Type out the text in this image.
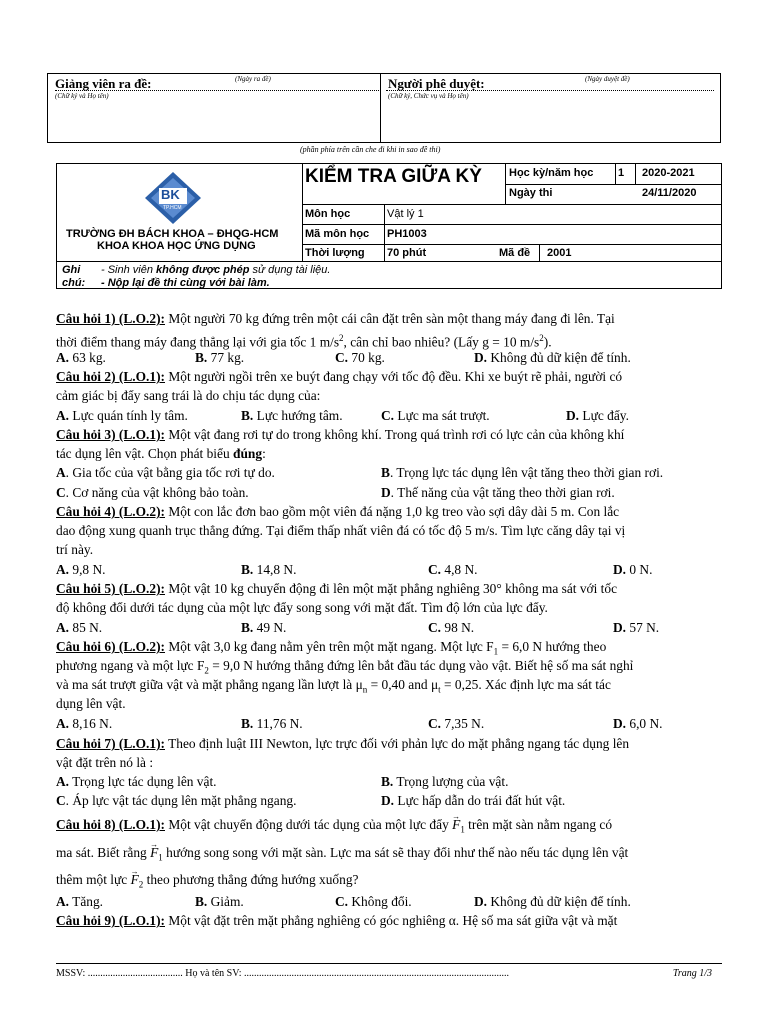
Giảng viên ra đề:	(Ngày ra đề)
(Chữ ký và Họ tên)
Người phê duyệt:	(Ngày duyệt đề)
(Chữ ký, Chức vụ và Họ tên)
(phần phía trên cần che đi khi in sao đề thi)
BK
TP.HCM
TRƯỜNG ĐH BÁCH KHOA – ĐHQG-HCM
KHOA KHOA HỌC ỨNG DỤNG
KIỂM TRA GIỮA KỲ Học kỳ/năm học 1 2020-2021
Ngày thi	24/11/2020
Môn học	Vật lý 1
Mã môn học PH1003
Thời lượng 70 phút	Mã đề 2001
Ghi
chú:
- Sinh viên không được phép sử dụng tài liệu.
- Nộp lại đề thi cùng với bài làm.
Câu hỏi 1) (L.O.2): Một người 70 kg đứng trên một cái cân đặt trên sàn một thang máy đang đi lên. Tại
thời điểm thang máy đang thẳng lại với gia tốc 1 $m/s^2$, cân chỉ bao nhiêu? (Lấy g = 10 $m/s^2$).
A. 63 kg.	B. 77 kg.	C. 70 kg.	D. Không đủ dữ kiện để tính.
Câu hỏi 2) (L.O.1): Một người ngồi trên xe buýt đang chạy với tốc độ đều. Khi xe buýt rẽ phải, người có
cảm giác bị đẩy sang trái là do chịu tác dụng của:
A. Lực quán tính ly tâm.	B. Lực hướng tâm.	C. Lực ma sát trượt.	D. Lực đẩy.
Câu hỏi 3) (L.O.1): Một vật đang rơi tự do trong không khí. Trong quá trình rơi có lực cản của không khí
tác dụng lên vật. Chọn phát biểu đúng:
A. Gia tốc của vật bằng gia tốc rơi tự do.	B. Trọng lực tác dụng lên vật tăng theo thời gian rơi.
C. Cơ năng của vật không bảo toàn.	D. Thế năng của vật tăng theo thời gian rơi.
Câu hỏi 4) (L.O.2): Một con lắc đơn bao gồm một viên đá nặng 1,0 kg treo vào sợi dây dài 5 m. Con lắc
dao động xung quanh trục thẳng đứng. Tại điểm thấp nhất viên đá có tốc độ 5 m/s. Tìm lực căng dây tại vị
trí này.
A. 9,8 N.	B. 14,8 N.	C. 4,8 N.	D. 0 N.
Câu hỏi 5) (L.O.2): Một vật 10 kg chuyển động đi lên một mặt phẳng nghiêng 30° không ma sát với tốc
độ không đổi dưới tác dụng của một lực đẩy song song với mặt đất. Tìm độ lớn của lực đẩy.
A. 85 N.	B. 49 N.	C. 98 N.	D. 57 N.
Câu hỏi 6) (L.O.2): Một vật 3,0 kg đang nằm yên trên một mặt ngang. Một lực $F_1 = 6,0$ N hướng theo
phương ngang và một lực $F_2 = 9,0$ N hướng thẳng đứng lên bắt đầu tác dụng vào vật. Biết hệ số ma sát nghỉ
và ma sát trượt giữa vật và mặt phẳng ngang lần lượt là $\mu_n = 0,40$ and $\mu_t = 0,25$. Xác định lực ma sát tác
dụng lên vật.
A. 8,16 N.	B. 11,76 N.	C. 7,35 N.	D. 6,0 N.
Câu hỏi 7) (L.O.1): Theo định luật III Newton, lực trực đối với phản lực do mặt phẳng ngang tác dụng lên
vật đặt trên nó là :
A. Trọng lực tác dụng lên vật.	B. Trọng lượng của vật.
C. Áp lực vật tác dụng lên mặt phẳng ngang.	D. Lực hấp dẫn do trái đất hút vật.
Câu hỏi 8) (L.O.1): Một vật chuyển động dưới tác dụng của một lực đẩy → $F_1$ trên mặt sàn nằm ngang có
ma sát. Biết rằng → $F_1$ hướng song song với mặt sàn. Lực ma sát sẽ thay đổi như thế nào nếu tác dụng lên vật
thêm một lực → $F_2$ theo phương thẳng đứng hướng xuống?
A. Tăng.	B. Giảm.	C. Không đổi.	D. Không đủ dữ kiện để tính.
Câu hỏi 9) (L.O.1): Một vật đặt trên mặt phẳng nghiêng có góc nghiêng α. Hệ số ma sát giữa vật và mặt
MSSV: ...................................... Họ và tên SV: ..........................................................................................................	Trang 1/3
